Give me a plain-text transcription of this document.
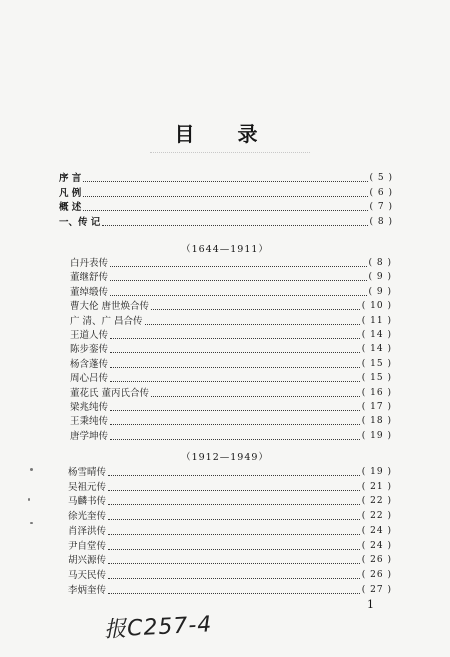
目 录
序 言	( 5 )
凡 例	( 6 )
概 述	( 7 )
一、传 记	( 8 )
（1644—1911）
白丹表传	( 8 )
董继舒传	( 9 )
董绰缎传	( 9 )
曹大伦 唐世焕合传	( 10 )
广 清、广 昌合传	( 11 )
王道人传	( 14 )
陈步銮传	( 14 )
杨含蓬传	( 15 )
周心吕传	( 15 )
董花氏 董丙氏合传	( 16 )
梁兆纯传	( 17 )
王秉纯传	( 18 )
唐学坤传	( 19 )
（1912—1949）
杨雪晴传	( 19 )
吴祖元传	( 21 )
马麟书传	( 22 )
徐光奎传	( 22 )
肖泽洪传	( 24 )
尹自堂传	( 24 )
胡兴源传	( 26 )
马天民传	( 26 )
李炳奎传	( 27 )
1
报C257-4
